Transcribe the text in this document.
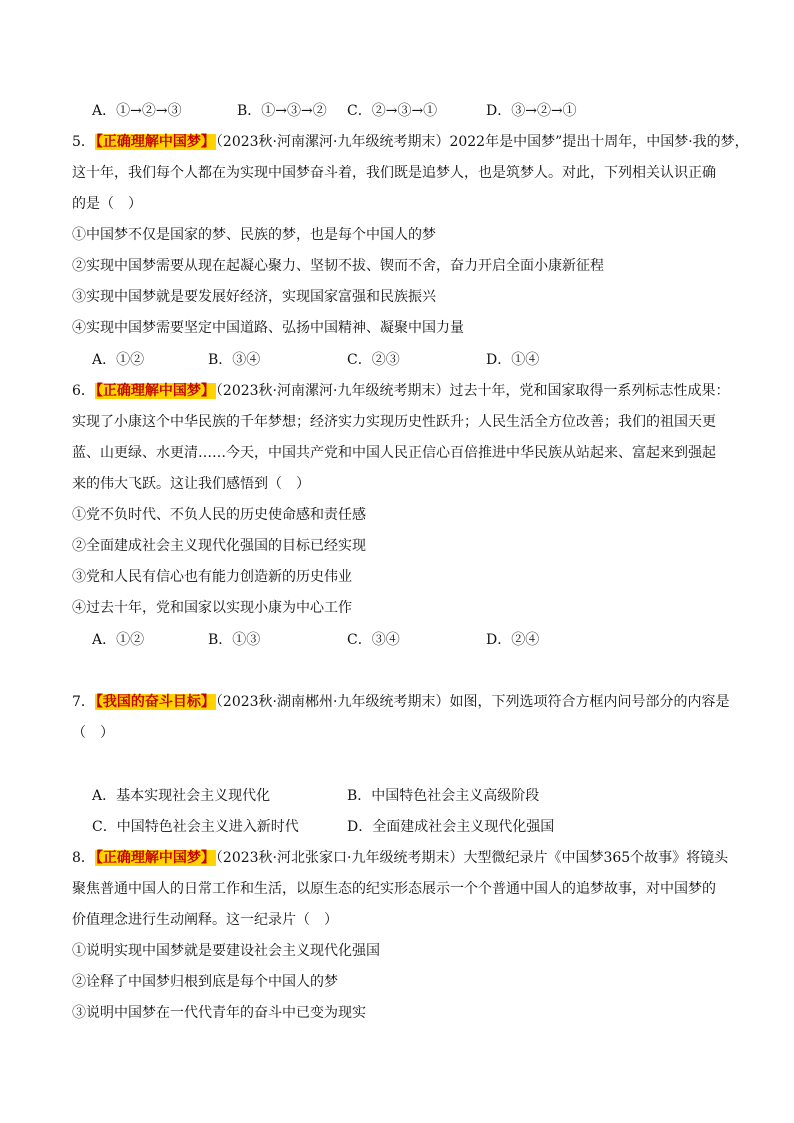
A．①→②→③	B．①→③→② C．②→③→①	D．③→②→①
5．【正确理解中国梦】（2023秋·河南漯河·九年级统考期末）2022年是中国梦”提出十周年，中国梦·我的梦，
这十年，我们每个人都在为实现中国梦奋斗着，我们既是追梦人，也是筑梦人。对此，下列相关认识正确
的是（　）
①中国梦不仅是国家的梦、民族的梦，也是每个中国人的梦
②实现中国梦需要从现在起凝心聚力、坚韧不拔、锲而不舍，奋力开启全面小康新征程
③实现中国梦就是要发展好经济，实现国家富强和民族振兴
④实现中国梦需要坚定中国道路、弘扬中国精神、凝聚中国力量
A．①②	B．③④	C．②③	D．①④
6．【正确理解中国梦】（2023秋·河南漯河·九年级统考期末）过去十年，党和国家取得一系列标志性成果：
实现了小康这个中华民族的千年梦想；经济实力实现历史性跃升；人民生活全方位改善；我们的祖国天更
蓝、山更绿、水更清……今天，中国共产党和中国人民正信心百倍推进中华民族从站起来、富起来到强起
来的伟大飞跃。这让我们感悟到（　）
①党不负时代、不负人民的历史使命感和责任感
②全面建成社会主义现代化强国的目标已经实现
③党和人民有信心也有能力创造新的历史伟业
④过去十年，党和国家以实现小康为中心工作
A．①②	B．①③	C．③④	D．②④
7．【我国的奋斗目标】（2023秋·湖南郴州·九年级统考期末）如图，下列选项符合方框内问号部分的内容是
（　）
A．基本实现社会主义现代化	B．中国特色社会主义高级阶段
C．中国特色社会主义进入新时代	D．全面建成社会主义现代化强国
8．【正确理解中国梦】（2023秋·河北张家口·九年级统考期末）大型微纪录片《中国梦365个故事》将镜头
聚焦普通中国人的日常工作和生活，以原生态的纪实形态展示一个个普通中国人的追梦故事，对中国梦的
价值理念进行生动阐释。这一纪录片（　）
①说明实现中国梦就是要建设社会主义现代化强国
②诠释了中国梦归根到底是每个中国人的梦
③说明中国梦在一代代青年的奋斗中已变为现实
